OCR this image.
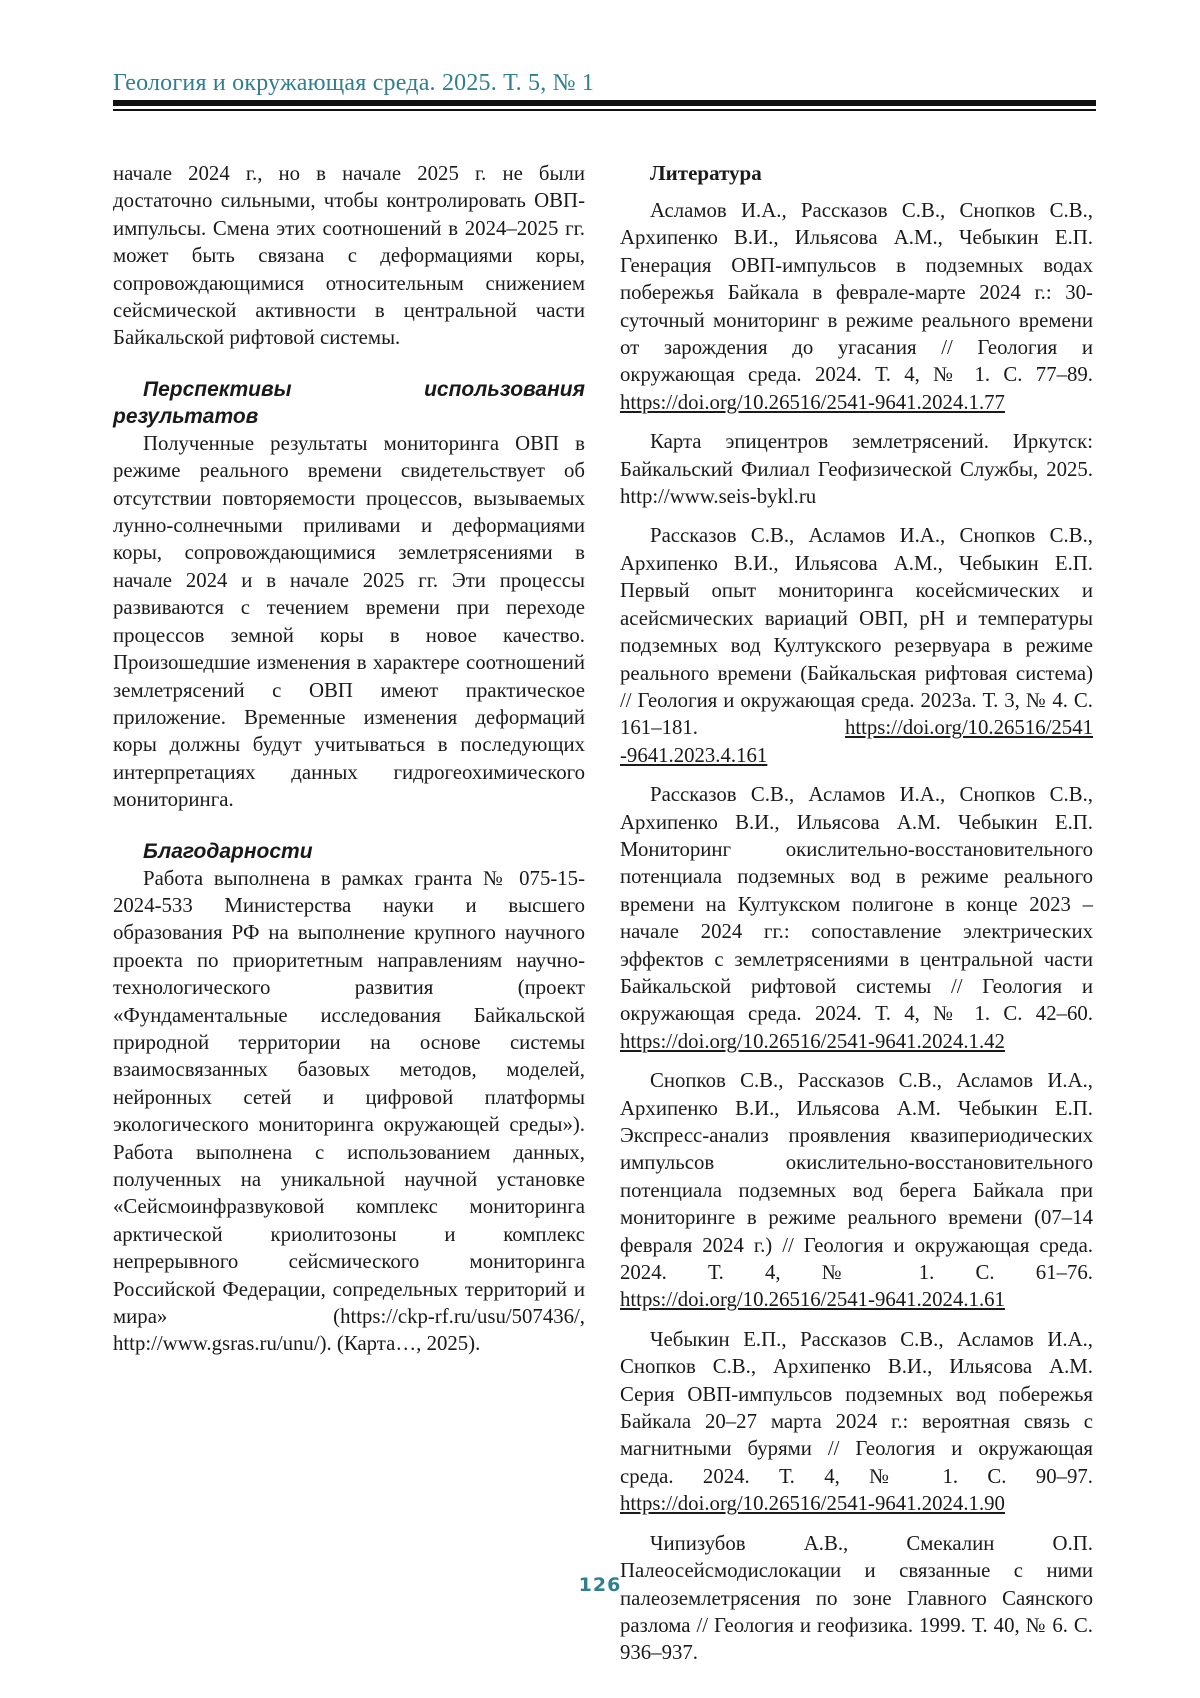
Геология и окружающая среда. 2025. Т. 5, № 1

начале 2024 г., но в начале 2025 г. не были достаточно сильными, чтобы контролировать ОВП-импульсы. Смена этих соотношений в 2024–2025 гг. может быть связана с деформациями коры, сопровождающимися относительным снижением сейсмической активности в центральной части Байкальской рифтовой системы.

Перспективы использования
результатов

Полученные результаты мониторинга ОВП в режиме реального времени свидетельствует об отсутствии повторяемости процессов, вызываемых лунно-солнечными приливами и деформациями коры, сопровождающимися землетрясениями в начале 2024 и в начале 2025 гг. Эти процессы развиваются с течением времени при переходе процессов земной коры в новое качество. Произошедшие изменения в характере соотношений землетрясений с ОВП имеют практическое приложение. Временные изменения деформаций коры должны будут учитываться в последующих интерпретациях данных гидрогеохимического мониторинга.

Благодарности

Работа выполнена в рамках гранта № 075-15-2024-533 Министерства науки и высшего образования РФ на выполнение крупного научного проекта по приоритетным направлениям научно-технологического развития (проект «Фундаментальные исследования Байкальской природной территории на основе системы взаимосвязанных базовых методов, моделей, нейронных сетей и цифровой платформы экологического мониторинга окружающей среды»). Работа выполнена с использованием данных, полученных на уникальной научной установке «Сейсмоинфразвуковой комплекс мониторинга арктической криолитозоны и комплекс непрерывного сейсмического мониторинга Российской Федерации, сопредельных территорий и мира» (https://ckp-rf.ru/usu/507436/, http://www.gsras.ru/unu/). (Карта…, 2025).

Литература

Асламов И.А., Рассказов С.В., Снопков С.В., Архипенко В.И., Ильясова А.М., Чебыкин Е.П. Генерация ОВП-импульсов в подземных водах побережья Байкала в феврале-марте 2024 г.: 30-суточный мониторинг в режиме реального времени от зарождения до угасания // Геология и окружающая среда. 2024. Т. 4, № 1. С. 77–89. https://doi.org/10.26516/2541-9641.2024.1.77

Карта эпицентров землетрясений. Иркутск: Байкальский Филиал Геофизической Службы, 2025. http://www.seis-bykl.ru

Рассказов С.В., Асламов И.А., Снопков С.В., Архипенко В.И., Ильясова А.М., Чебыкин Е.П. Первый опыт мониторинга косейсмических и асейсмических вариаций ОВП, pH и температуры подземных вод Култукского резервуара в режиме реального времени (Байкальская рифтовая система) // Геология и окружающая среда. 2023а. Т. 3, № 4. С. 161–181. https://doi.org/10.26516/2541 -9641.2023.4.161

Рассказов С.В., Асламов И.А., Снопков С.В., Архипенко В.И., Ильясова А.М. Чебыкин Е.П. Мониторинг окислительно-восстановительного потенциала подземных вод в режиме реального времени на Култукском полигоне в конце 2023 – начале 2024 гг.: сопоставление электрических эффектов с землетрясениями в центральной части Байкальской рифтовой системы // Геология и окружающая среда. 2024. Т. 4, № 1. С. 42–60. https://doi.org/10.26516/2541-9641.2024.1.42

Снопков С.В., Рассказов С.В., Асламов И.А., Архипенко В.И., Ильясова А.М. Чебыкин Е.П. Экспресс-анализ проявления квазипериодических импульсов окислительно-восстановительного потенциала подземных вод берега Байкала при мониторинге в режиме реального времени (07–14 февраля 2024 г.) // Геология и окружающая среда. 2024. Т. 4, № 1. С. 61–76. https://doi.org/10.26516/2541-9641.2024.1.61

Чебыкин Е.П., Рассказов С.В., Асламов И.А., Снопков С.В., Архипенко В.И., Ильясова А.М. Серия ОВП-импульсов подземных вод побережья Байкала 20–27 марта 2024 г.: вероятная связь с магнитными бурями // Геология и окружающая среда. 2024. Т. 4, № 1. С. 90–97. https://doi.org/10.26516/2541-9641.2024.1.90

Чипизубов А.В., Смекалин О.П. Палеосейсмодислокации и связанные с ними палеоземлетрясения по зоне Главного Саянского разлома // Геология и геофизика. 1999. Т. 40, № 6. С. 936–937.

126
